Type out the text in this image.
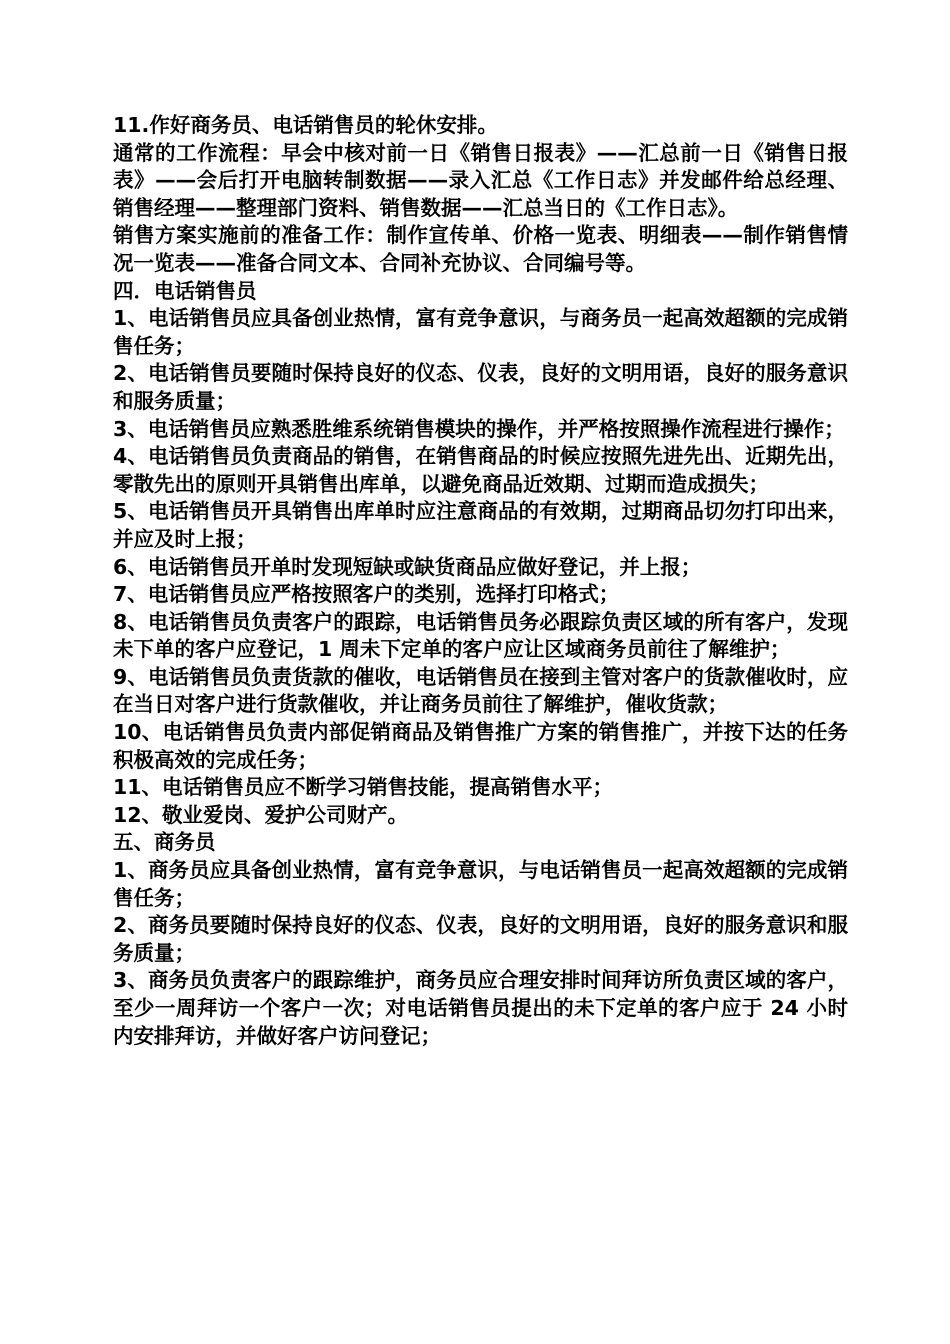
11.作好商务员、电话销售员的轮休安排。

通常的工作流程：早会中核对前一日《销售日报表》——汇总前一日《销售日报表》——会后打开电脑转制数据——录入汇总《工作日志》并发邮件给总经理、销售经理——整理部门资料、销售数据——汇总当日的《工作日志》。

销售方案实施前的准备工作：制作宣传单、价格一览表、明细表——制作销售情况一览表——准备合同文本、合同补充协议、合同编号等。

四．电话销售员

1、电话销售员应具备创业热情，富有竞争意识，与商务员一起高效超额的完成销售任务；

2、电话销售员要随时保持良好的仪态、仪表，良好的文明用语，良好的服务意识和服务质量；

3、电话销售员应熟悉胜维系统销售模块的操作，并严格按照操作流程进行操作；

4、电话销售员负责商品的销售，在销售商品的时候应按照先进先出、近期先出，零散先出的原则开具销售出库单，以避免商品近效期、过期而造成损失；

5、电话销售员开具销售出库单时应注意商品的有效期，过期商品切勿打印出来，并应及时上报；

6、电话销售员开单时发现短缺或缺货商品应做好登记，并上报；

7、电话销售员应严格按照客户的类别，选择打印格式；

8、电话销售员负责客户的跟踪，电话销售员务必跟踪负责区域的所有客户，发现未下单的客户应登记，1 周未下定单的客户应让区域商务员前往了解维护；

9、电话销售员负责货款的催收，电话销售员在接到主管对客户的货款催收时，应在当日对客户进行货款催收，并让商务员前往了解维护，催收货款；

10、电话销售员负责内部促销商品及销售推广方案的销售推广，并按下达的任务积极高效的完成任务；

11、电话销售员应不断学习销售技能，提高销售水平；

12、敬业爱岗、爱护公司财产。

五、商务员

1、商务员应具备创业热情，富有竞争意识，与电话销售员一起高效超额的完成销售任务；

2、商务员要随时保持良好的仪态、仪表，良好的文明用语，良好的服务意识和服务质量；

3、商务员负责客户的跟踪维护，商务员应合理安排时间拜访所负责区域的客户，至少一周拜访一个客户一次；对电话销售员提出的未下定单的客户应于 24 小时内安排拜访，并做好客户访问登记；
